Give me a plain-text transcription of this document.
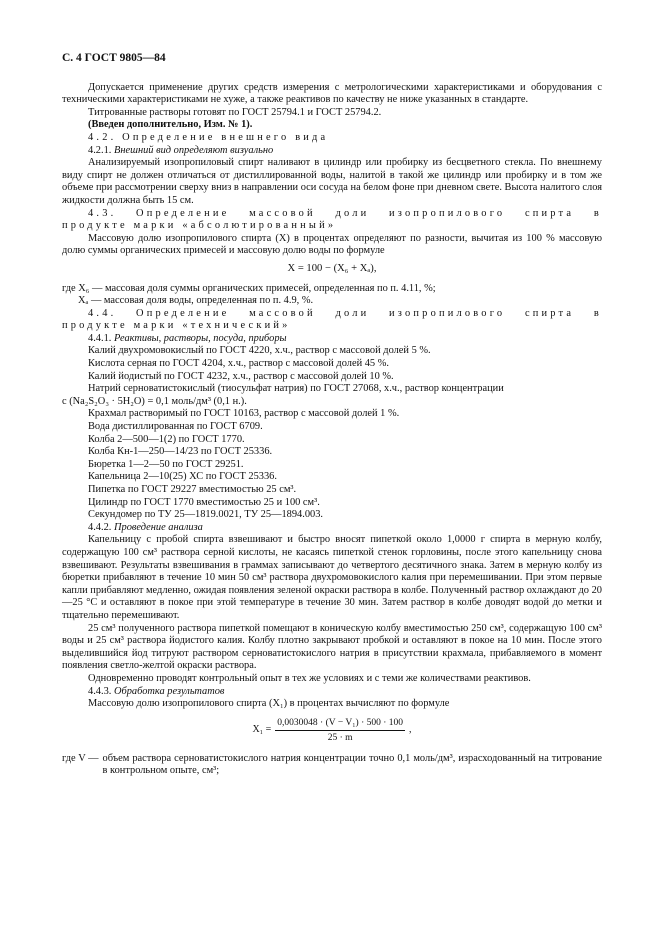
С. 4 ГОСТ 9805—84

Допускается применение других средств измерения с метрологическими характеристиками и оборудования с техническими характеристиками не хуже, а также реактивов по качеству не ниже указанных в стандарте.

Титрованные растворы готовят по ГОСТ 25794.1 и ГОСТ 25794.2.

(Введен дополнительно, Изм. № 1).

4.2. Определение внешнего вида

4.2.1. Внешний вид определяют визуально

Анализируемый изопропиловый спирт наливают в цилиндр или пробирку из бесцветного стекла. По внешнему виду спирт не должен отличаться от дистиллированной воды, налитой в такой же цилиндр или пробирку и в том же объеме при рассмотрении сверху вниз в направлении оси сосуда на белом фоне при дневном свете. Высота налитого слоя жидкости должна быть 15 см.

4.3. Определение массовой доли изопропилового спирта в

продукте марки «абсолютированный»

Массовую долю изопропилового спирта (X) в процентах определяют по разности, вычитая из 100 % массовую долю суммы органических примесей и массовую долю воды по формуле

X = 100 − (X₆ + Xₐ),

где X₆ — массовая доля суммы органических примесей, определенная по п. 4.11, %;

Xₐ — массовая доля воды, определенная по п. 4.9, %.

4.4. Определение массовой доли изопропилового спирта в

продукте марки «технический»

4.4.1. Реактивы, растворы, посуда, приборы

Калий двухромовокислый по ГОСТ 4220, х.ч., раствор с массовой долей 5 %.

Кислота серная по ГОСТ 4204, х.ч., раствор с массовой долей 45 %.

Калий йодистый по ГОСТ 4232, х.ч., раствор с массовой долей 10 %.

Натрий серноватистокислый (тиосульфат натрия) по ГОСТ 27068, х.ч., раствор концентрации

c (Na₂S₂O₃ · 5H₂O) = 0,1 моль/дм³ (0,1 н.).

Крахмал растворимый по ГОСТ 10163, раствор с массовой долей 1 %.

Вода дистиллированная по ГОСТ 6709.

Колба 2—500—1(2) по ГОСТ 1770.

Колба Кн-1—250—14/23 по ГОСТ 25336.

Бюретка 1—2—50 по ГОСТ 29251.

Капельница 2—10(25) ХС по ГОСТ 25336.

Пипетка по ГОСТ 29227 вместимостью 25 см³.

Цилиндр по ГОСТ 1770 вместимостью 25 и 100 см³.

Секундомер по ТУ 25—1819.0021, ТУ 25—1894.003.

4.4.2. Проведение анализа

Капельницу с пробой спирта взвешивают и быстро вносят пипеткой около 1,0000 г спирта в мерную колбу, содержащую 100 см³ раствора серной кислоты, не касаясь пипеткой стенок горловины, после этого капельницу снова взвешивают. Результаты взвешивания в граммах записывают до четвертого десятичного знака. Затем в мерную колбу из бюретки прибавляют в течение 10 мин 50 см³ раствора двухромовокислого калия при перемешивании. При этом первые капли прибавляют медленно, ожидая появления зеленой окраски раствора в колбе. Полученный раствор охлаждают до 20—25 °С и оставляют в покое при этой температуре в течение 30 мин. Затем раствор в колбе доводят водой до метки и тщательно перемешивают.

25 см³ полученного раствора пипеткой помещают в коническую колбу вместимостью 250 см³, содержащую 100 см³ воды и 25 см³ раствора йодистого калия. Колбу плотно закрывают пробкой и оставляют в покое на 10 мин. После этого выделившийся йод титруют раствором серноватистокислого натрия в присутствии крахмала, прибавляемого в момент появления светло-желтой окраски раствора.

Одновременно проводят контрольный опыт в тех же условиях и с теми же количествами реактивов.

4.4.3. Обработка результатов

Массовую долю изопропилового спирта (X₁) в процентах вычисляют по формуле

$X_1 = \frac{\text{0,0030048 · (V − V₁) · 500 · 100}}{25 \cdot m}$ ,
где V — объем раствора серноватистокислого натрия концентрации точно 0,1 моль/дм³, израсходованный на титрование в контрольном опыте, см³;
